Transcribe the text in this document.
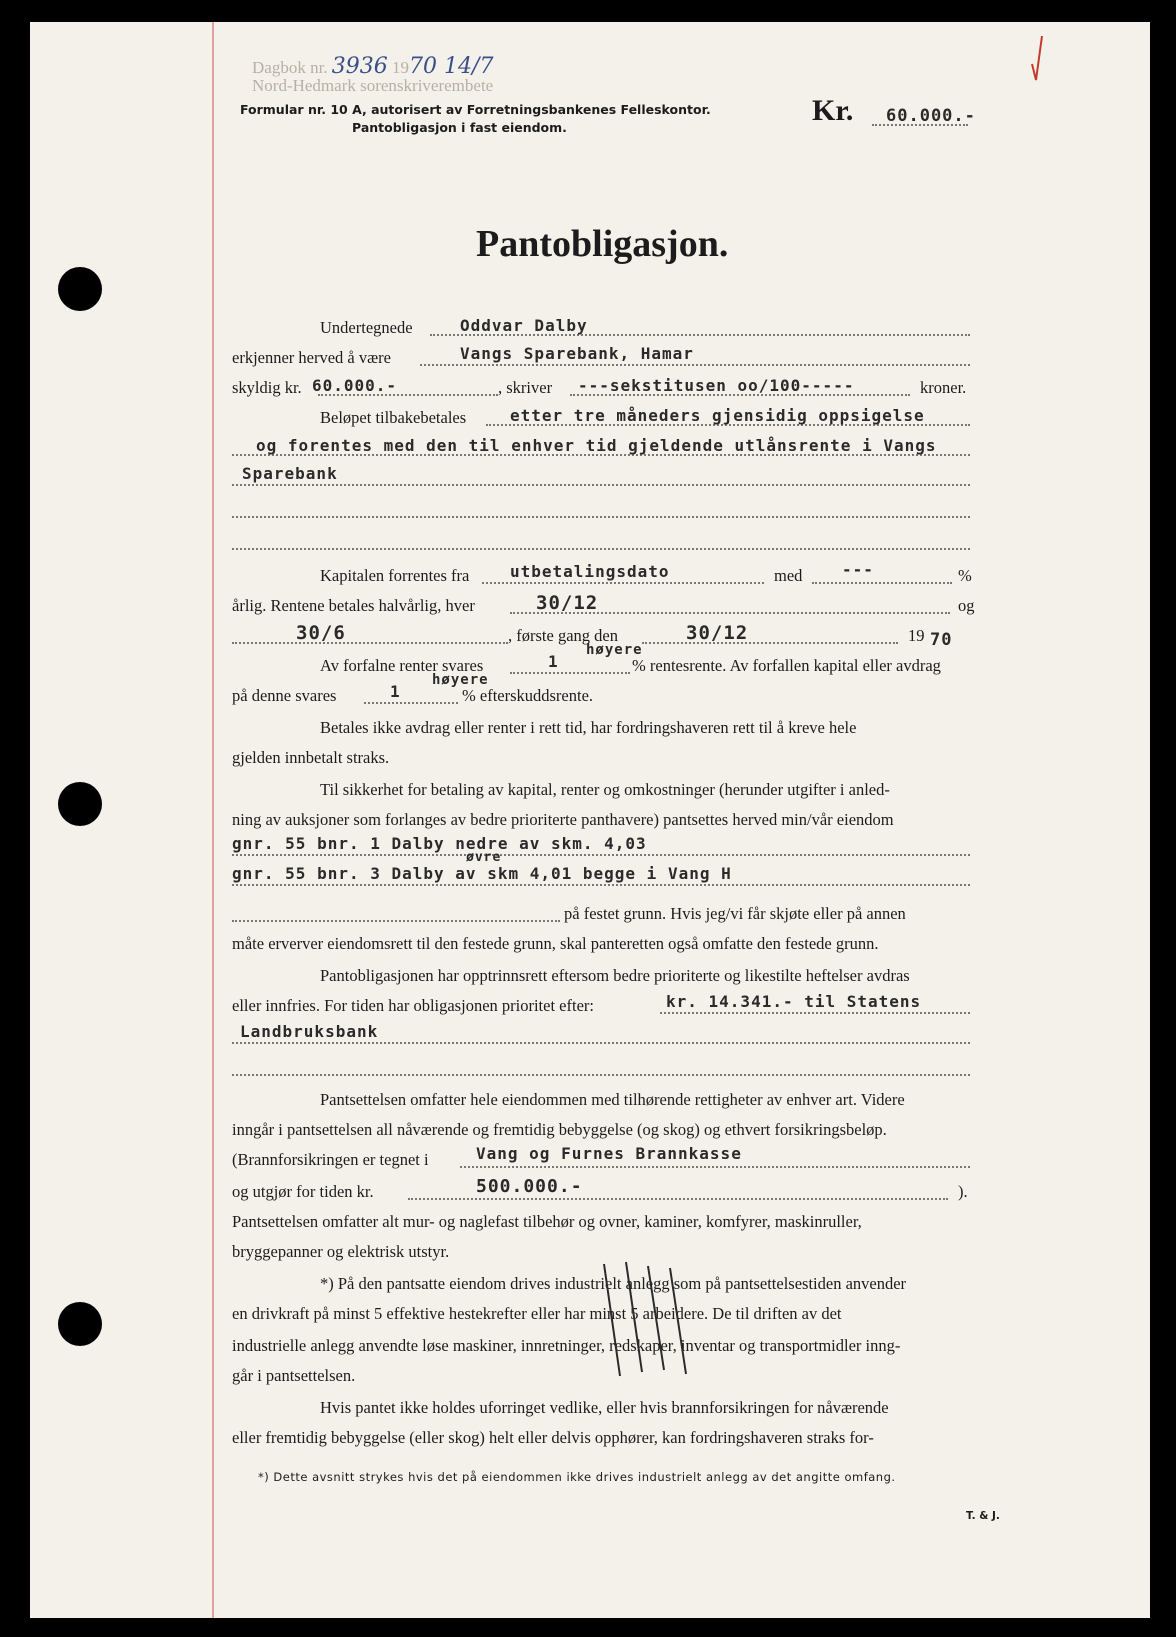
Dagbok nr. 3936 1970 14/7
Nord-Hedmark sorenskriverembete
Formular nr. 10 A, autorisert av Forretningsbankenes Felleskontor.
Pantobligasjon i fast eiendom.
Kr. 60.000.-
Pantobligasjon.
Undertegnede	Oddvar Dalby
erkjenner herved å være	Vangs Sparebank, Hamar
skyldig kr. 60.000.-	, skriver ---sekstitusen oo/100-----	kroner.
Beløpet tilbakebetales	etter tre måneders gjensidig oppsigelse
og forentes med den til enhver tid gjeldende utlånsrente i Vangs
Sparebank
Kapitalen forrentes fra	utbetalingsdato	med ---	%
årlig. Rentene betales halvårlig, hver	30/12	og
30/6	, første gang den	30/12	19 70
Av forfalne renter svares	1
høyere
% rentesrente. Av forfallen kapital eller avdrag
på denne svares	1
høyere
% efterskuddsrente.
Betales ikke avdrag eller renter i rett tid, har fordringshaveren rett til å kreve hele
gjelden innbetalt straks.
Til sikkerhet for betaling av kapital, renter og omkostninger (herunder utgifter i anled-
ning av auksjoner som forlanges av bedre prioriterte panthavere) pantsettes herved min/vår eiendom
gnr. 55 bnr. 1 Dalby nedre av skm. 4,03
øvre
gnr. 55 bnr. 3 Dalby av skm 4,01 begge i Vang H
på festet grunn. Hvis jeg/vi får skjøte eller på annen
måte erverver eiendomsrett til den festede grunn, skal panteretten også omfatte den festede grunn.
Pantobligasjonen har opptrinnsrett eftersom bedre prioriterte og likestilte heftelser avdras
eller innfries. For tiden har obligasjonen prioritet efter:	kr. 14.341.- til Statens
Landbruksbank
Pantsettelsen omfatter hele eiendommen med tilhørende rettigheter av enhver art. Videre
inngår i pantsettelsen all nåværende og fremtidig bebyggelse (og skog) og ethvert forsikringsbeløp.
(Brannforsikringen er tegnet i	Vang og Furnes Brannkasse
og utgjør for tiden kr.	500.000.-	).
Pantsettelsen omfatter alt mur- og naglefast tilbehør og ovner, kaminer, komfyrer, maskinruller,
bryggepanner og elektrisk utstyr.
*) På den pantsatte eiendom drives industrielt anlegg som på pantsettelsestiden anvender
en drivkraft på minst 5 effektive hestekrefter eller har minst 5 arbeidere. De til driften av det
industrielle anlegg anvendte løse maskiner, innretninger, redskaper, inventar og transportmidler inng-
går i pantsettelsen.
Hvis pantet ikke holdes uforringet vedlike, eller hvis brannforsikringen for nåværende
eller fremtidig bebyggelse (eller skog) helt eller delvis opphører, kan fordringshaveren straks for-
*) Dette avsnitt strykes hvis det på eiendommen ikke drives industrielt anlegg av det angitte omfang.
T. & J.
